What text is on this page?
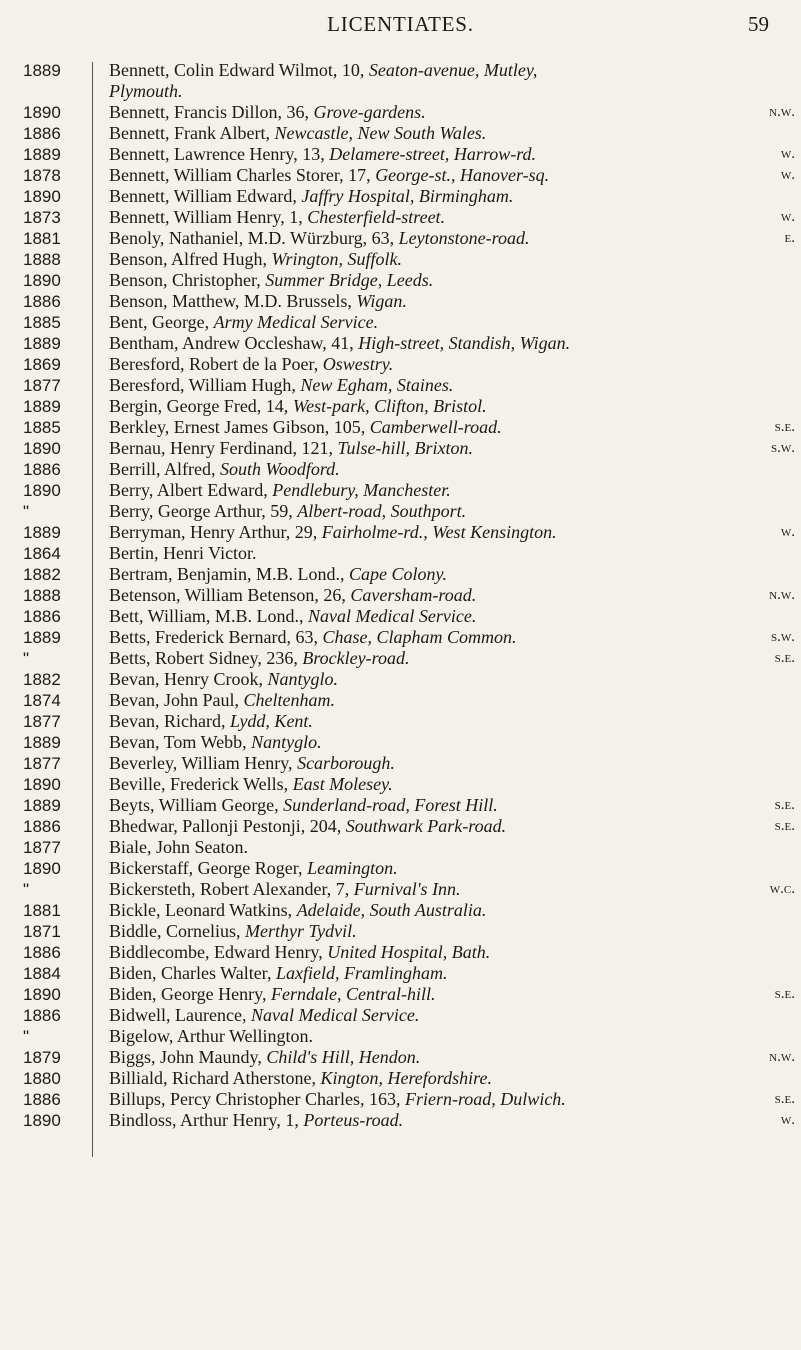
LICENTIATES.	59
1889	Bennett, Colin Edward Wilmot, 10, Seaton-avenue, Mutley,
Plymouth.
1890	Bennett, Francis Dillon, 36, Grove-gardens.	n.w.
1886	Bennett, Frank Albert, Newcastle, New South Wales.
1889	Bennett, Lawrence Henry, 13, Delamere-street, Harrow-rd.	w.
1878	Bennett, William Charles Storer, 17, George-st., Hanover-sq.	w.
1890	Bennett, William Edward, Jaffry Hospital, Birmingham.
1873	Bennett, William Henry, 1, Chesterfield-street.	w.
1881	Benoly, Nathaniel, M.D. Würzburg, 63, Leytonstone-road.	e.
1888	Benson, Alfred Hugh, Wrington, Suffolk.
1890	Benson, Christopher, Summer Bridge, Leeds.
1886	Benson, Matthew, M.D. Brussels, Wigan.
1885	Bent, George, Army Medical Service.
1889	Bentham, Andrew Occleshaw, 41, High-street, Standish, Wigan.
1869	Beresford, Robert de la Poer, Oswestry.
1877	Beresford, William Hugh, New Egham, Staines.
1889	Bergin, George Fred, 14, West-park, Clifton, Bristol.
1885	Berkley, Ernest James Gibson, 105, Camberwell-road.	s.e.
1890	Bernau, Henry Ferdinand, 121, Tulse-hill, Brixton.	s.w.
1886	Berrill, Alfred, South Woodford.
1890	Berry, Albert Edward, Pendlebury, Manchester.
"	Berry, George Arthur, 59, Albert-road, Southport.
1889	Berryman, Henry Arthur, 29, Fairholme-rd., West Kensington.	w.
1864	Bertin, Henri Victor.
1882	Bertram, Benjamin, M.B. Lond., Cape Colony.
1888	Betenson, William Betenson, 26, Caversham-road.	n.w.
1886	Bett, William, M.B. Lond., Naval Medical Service.
1889	Betts, Frederick Bernard, 63, Chase, Clapham Common.	s.w.
"	Betts, Robert Sidney, 236, Brockley-road.	s.e.
1882	Bevan, Henry Crook, Nantyglo.
1874	Bevan, John Paul, Cheltenham.
1877	Bevan, Richard, Lydd, Kent.
1889	Bevan, Tom Webb, Nantyglo.
1877	Beverley, William Henry, Scarborough.
1890	Beville, Frederick Wells, East Molesey.
1889	Beyts, William George, Sunderland-road, Forest Hill.	s.e.
1886	Bhedwar, Pallonji Pestonji, 204, Southwark Park-road.	s.e.
1877	Biale, John Seaton.
1890	Bickerstaff, George Roger, Leamington.
"	Bickersteth, Robert Alexander, 7, Furnival's Inn.	w.c.
1881	Bickle, Leonard Watkins, Adelaide, South Australia.
1871	Biddle, Cornelius, Merthyr Tydvil.
1886	Biddlecombe, Edward Henry, United Hospital, Bath.
1884	Biden, Charles Walter, Laxfield, Framlingham.
1890	Biden, George Henry, Ferndale, Central-hill.	s.e.
1886	Bidwell, Laurence, Naval Medical Service.
"	Bigelow, Arthur Wellington.
1879	Biggs, John Maundy, Child's Hill, Hendon.	n.w.
1880	Billiald, Richard Atherstone, Kington, Herefordshire.
1886	Billups, Percy Christopher Charles, 163, Friern-road, Dulwich.	s.e.
1890	Bindloss, Arthur Henry, 1, Porteus-road.	w.
